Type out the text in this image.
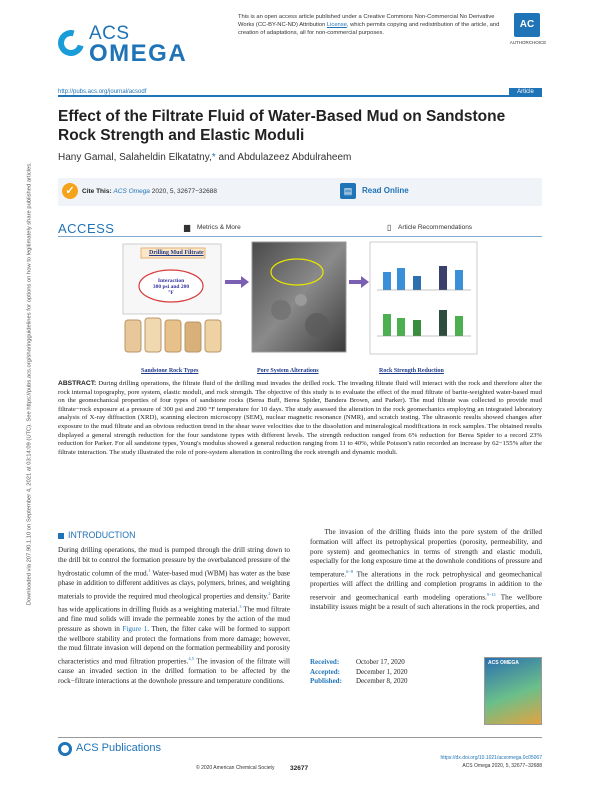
ACS
OMEGA
This is an open access article published under a Creative Commons Non-Commercial No Derivative Works (CC-BY-NC-ND) Attribution License, which permits copying and redistribution of the article, and creation of adaptations, all for non-commercial purposes.
AC
AUTHORCHOICE
http://pubs.acs.org/journal/acsodf	Article
Effect of the Filtrate Fluid of Water-Based Mud on Sandstone Rock Strength and Elastic Moduli
Hany Gamal, Salaheldin Elkatatny,* and Abdulazeez Abdulraheem
✓	Cite This: ACS Omega 2020, 5, 32677−32688	▤	Read Online
ACCESS	▆ Metrics & More	▯ Article Recommendations
Downloaded via 207.90.1.10 on September 4, 2021 at 03:14:09 (UTC). See https://pubs.acs.org/sharingguidelines for options on how to legitimately share published articles.	Drilling Mud Filtrate
Interaction
300 psi and 200 °F
Sandstone Rock Types	Pore System Alterations	Rock Strength Reduction
ABSTRACT: During drilling operations, the filtrate fluid of the drilling mud invades the drilled rock. The invading filtrate fluid will interact with the rock and therefore alter the rock internal topography, pore system, elastic moduli, and rock strength. The objective of this study is to evaluate the effect of the mud filtrate of barite-weighted water-based mud on the geomechanical properties of four types of sandstone rocks (Berea Buff, Berea Spider, Bandera Brown, and Parker). The mud filtrate was collected to provide mud filtrate−rock exposure at a pressure of 300 psi and 200 °F temperature for 10 days. The study assessed the alteration in the rock geomechanics employing an integrated laboratory analysis of X-ray diffraction (XRD), scanning electron microscopy (SEM), nuclear magnetic resonance (NMR), and scratch testing. The ultrasonic results showed changes after exposure to the mud filtrate and an obvious reduction trend in the shear wave velocities due to the dissolution and mineralogical modifications in rock samples. The obtained results displayed a general strength reduction for the four sandstone types with different levels. The strength reduction ranged from 6% reduction for Berea Spider to a record 23% reduction for Parker. For all sandstone types, Young's modulus showed a general reduction ranging from 11 to 40%, while Poisson's ratio recorded an increase by 62−155% after the filtrate interaction. The study illustrated the role of pore-system alteration in controlling the rock strength and dynamic moduli.
INTRODUCTION
During drilling operations, the mud is pumped through the drill string down to the drill bit to control the formation pressure by the overbalanced pressure of the hydrostatic column of the mud.$^1$ Water-based mud (WBM) has water as the base phase in addition to different additives as clays, polymers, brines, and weighting materials to provide the required mud rheological properties and density.$^2$ Barite has wide applications in drilling fluids as a weighting material.$^3$ The mud filtrate and fine mud solids will invade the permeable zones by the action of the mud pressure as shown in Figure 1. Then, the filter cake will be formed to support the wellbore stability and protect the formations from more damage; however, the mud filtrate invasion will depend on the formation permeability and porosity characteristics and mud filtration properties.$^{4,5}$ The invasion of the filtrate will cause an invaded section in the drilled formation to be affected by the rock−filtrate interactions at the downhole pressure and temperature conditions.
The invasion of the drilling fluids into the pore system of the drilled formation will affect its petrophysical properties (porosity, permeability, and pore system) and geomechanics in terms of strength and elastic moduli, especially for the long exposure time at the downhole conditions of pressure and temperature.$^{6-8}$ The alterations in the rock petrophysical and geomechanical properties will affect the drilling and completion programs in addition to the reservoir and geomechanical earth modeling operations.$^{9-11}$ The wellbore instability issues might be a result of such alterations in the rock properties, and
Received: October 17, 2020
Accepted: December 1, 2020
Published: December 8, 2020
ACS OMEGA
ACS Publications
© 2020 American Chemical Society 32677
https://dx.doi.org/10.1021/acsomega.0c05067
ACS Omega 2020, 5, 32677−32688
